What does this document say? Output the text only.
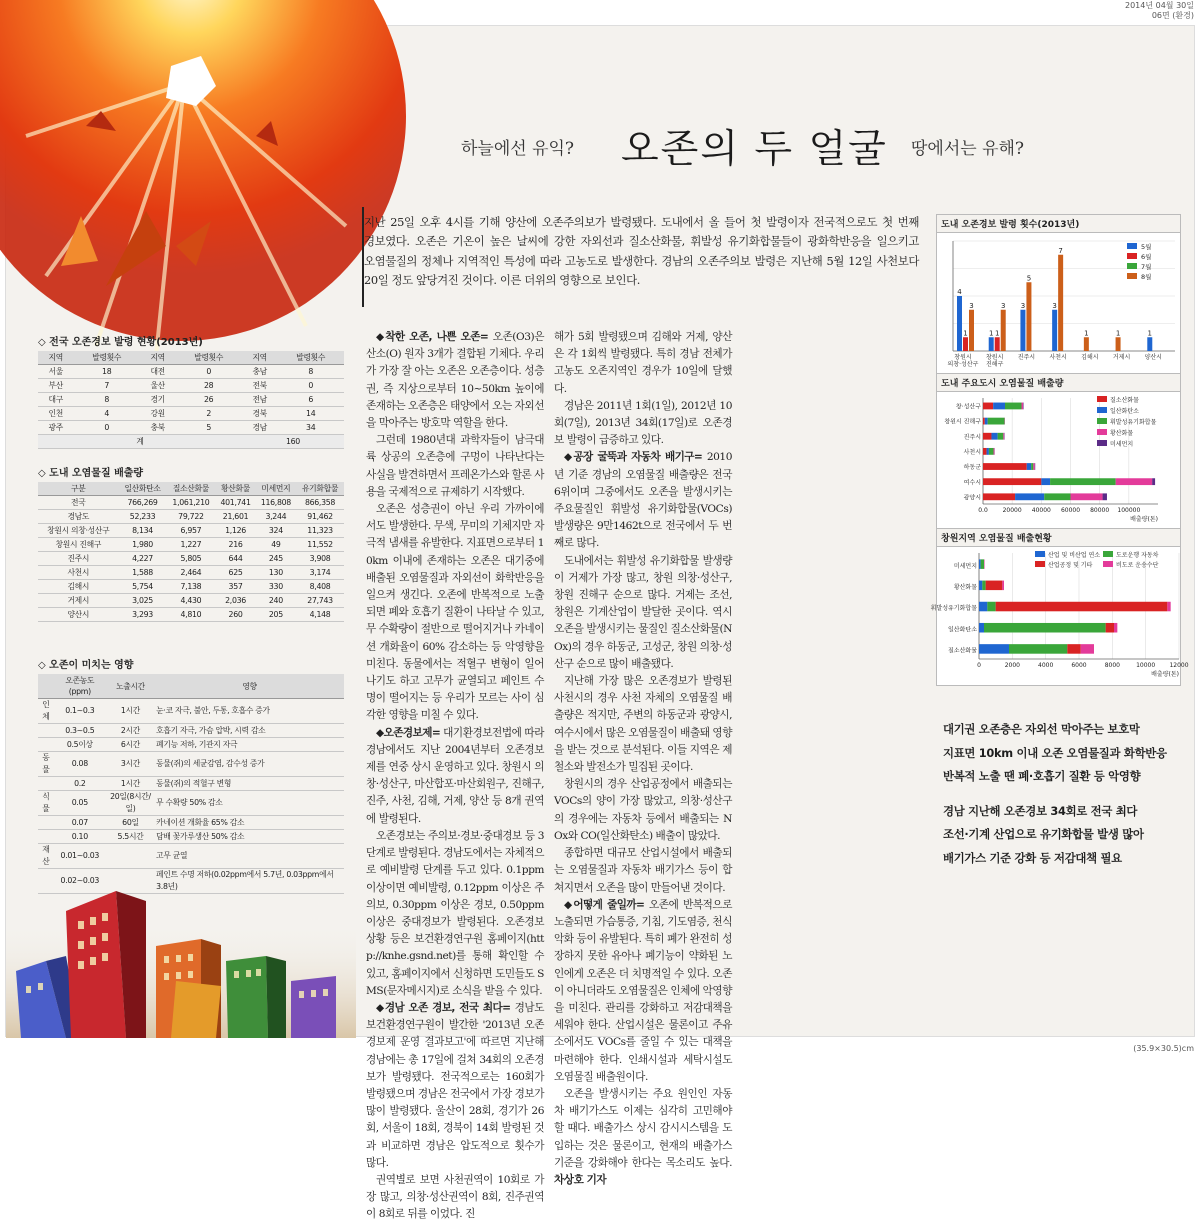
2014년 04월 30일
06면 (환경)
하늘에선 유익? 오존의 두 얼굴 땅에서는 유해?
지난 25일 오후 4시를 기해 양산에 오존주의보가 발령됐다. 도내에서 올 들어 첫 발령이자 전국적으로도 첫 번째 경보였다. 오존은 기온이 높은 날씨에 강한 자외선과 질소산화물, 휘발성 유기화합물들이 광화학반응을 일으키고 오염물질의 정체나 지역적인 특성에 따라 고농도로 발생한다. 경남의 오존주의보 발령은 지난해 5월 12일 사천보다 20일 정도 앞당겨진 것이다. 이른 더위의 영향으로 보인다.
◇ 전국 오존경보 발령 현황(2013년)
지역	발령횟수	지역	발령횟수	지역	발령횟수
서울	18	대전	0	충남	8
부산	7	울산	28	전북	0
대구	8	경기	26	전남	6
인천	4	강원	2	경북	14
광주	0	충북	5	경남	34
계				160	
◇ 도내 오염물질 배출량
구분	일산화탄소	질소산화물	황산화물	미세먼지	유기화합물
전국	766,269	1,061,210	401,741	116,808	866,358
경남도	52,233	79,722	21,601	3,244	91,462
창원시 의창·성산구	8,134	6,957	1,126	324	11,323
창원시 진해구	1,980	1,227	216	49	11,552
진주시	4,227	5,805	644	245	3,908
사천시	1,588	2,464	625	130	3,174
김해시	5,754	7,138	357	330	8,408
거제시	3,025	4,430	2,036	240	27,743
양산시	3,293	4,810	260	205	4,148
◇ 오존이 미치는 영향
	오존농도(ppm)	노출시간	영향
인체	0.1~0.3	1시간	눈·코 자극, 불안, 두통, 호흡수 증가
	0.3~0.5	2시간	호흡기 자극, 가슴 압박, 시력 감소
	0.5이상	6시간	폐기능 저하, 기관지 자극
동물	0.08	3시간	동물(쥐)의 세균감염, 감수성 증가
	0.2	1시간	동물(쥐)의 적혈구 변형
식물	0.05	20일(8시간/일)	무 수확량 50% 감소
	0.07	60일	카네이션 개화율 65% 감소
	0.10	5.5시간	담배 꽃가루생산 50% 감소
재산	0.01~0.03		고무 균열
	0.02~0.03		페인트 수명 저하(0.02ppm에서 5.7년, 0.03ppm에서 3.8년)

◆착한 오존, 나쁜 오존= 오존(O3)은 산소(O) 원자 3개가 결합된 기체다. 우리가 가장 잘 아는 오존은 오존층이다. 성층권, 즉 지상으로부터 10~50km 높이에 존재하는 오존층은 태양에서 오는 자외선을 막아주는 방호막 역할을 한다.

그런데 1980년대 과학자들이 남극대륙 상공의 오존층에 구멍이 나타난다는 사실을 발견하면서 프레온가스와 할론 사용을 국제적으로 규제하기 시작했다.

오존은 성층권이 아닌 우리 가까이에서도 발생한다. 무색, 무미의 기체지만 자극적 냄새를 유발한다. 지표면으로부터 10km 이내에 존재하는 오존은 대기중에 배출된 오염물질과 자외선이 화학반응을 일으켜 생긴다. 오존에 반복적으로 노출되면 폐와 호흡기 질환이 나타날 수 있고, 무 수확량이 절반으로 떨어지거나 카네이션 개화율이 60% 감소하는 등 악영향을 미친다. 동물에서는 적혈구 변형이 일어나기도 하고 고무가 균열되고 페인트 수명이 떨어지는 등 우리가 모르는 사이 심각한 영향을 미칠 수 있다.

◆오존경보제= 대기환경보전법에 따라 경남에서도 지난 2004년부터 오존경보제를 연중 상시 운영하고 있다. 창원시 의창·성산구, 마산합포·마산회원구, 진해구, 진주, 사천, 김해, 거제, 양산 등 8개 권역에 발령된다.

오존경보는 주의보·경보·중대경보 등 3단계로 발령된다. 경남도에서는 자체적으로 예비발령 단계를 두고 있다. 0.1ppm 이상이면 예비발령, 0.12ppm 이상은 주의보, 0.30ppm 이상은 경보, 0.50ppm 이상은 중대경보가 발령된다. 오존경보 상황 등은 보건환경연구원 홈페이지(http://knhe.gsnd.net)를 통해 확인할 수 있고, 홈페이지에서 신청하면 도민들도 SMS(문자메시지)로 소식을 받을 수 있다.

◆경남 오존 경보, 전국 최다= 경남도 보건환경연구원이 발간한 '2013년 오존경보제 운영 결과보고'에 따르면 지난해 경남에는 총 17일에 걸쳐 34회의 오존경보가 발령됐다. 전국적으로는 160회가 발령됐으며 경남은 전국에서 가장 경보가 많이 발령됐다. 울산이 28회, 경기가 26회, 서울이 18회, 경북이 14회 발령된 것과 비교하면 경남은 압도적으로 횟수가 많다.

권역별로 보면 사천권역이 10회로 가장 많고, 의창·성산권역이 8회, 진주권역이 8회로 뒤를 이었다. 진

해가 5회 발령됐으며 김해와 거제, 양산은 각 1회씩 발령됐다. 특히 경남 전체가 고농도 오존지역인 경우가 10일에 달했다.

경남은 2011년 1회(1일), 2012년 10회(7일), 2013년 34회(17일)로 오존경보 발령이 급증하고 있다.

◆공장 굴뚝과 자동차 배기구= 2010년 기준 경남의 오염물질 배출량은 전국 6위이며 그중에서도 오존을 발생시키는 주요물질인 휘발성 유기화합물(VOCs) 발생량은 9만1462t으로 전국에서 두 번째로 많다.

도내에서는 휘발성 유기화합물 발생량이 거제가 가장 많고, 창원 의창·성산구, 창원 진해구 순으로 많다. 거제는 조선, 창원은 기계산업이 발달한 곳이다. 역시 오존을 발생시키는 물질인 질소산화물(NOx)의 경우 하동군, 고성군, 창원 의창·성산구 순으로 많이 배출됐다.

지난해 가장 많은 오존경보가 발령된 사천시의 경우 사천 자체의 오염물질 배출량은 적지만, 주변의 하동군과 광양시, 여수시에서 많은 오염물질이 배출돼 영향을 받는 것으로 분석된다. 이들 지역은 제철소와 발전소가 밀집된 곳이다.

창원시의 경우 산업공정에서 배출되는 VOCs의 양이 가장 많았고, 의창·성산구의 경우에는 자동차 등에서 배출되는 NOx와 CO(일산화탄소) 배출이 많았다.

종합하면 대규모 산업시설에서 배출되는 오염물질과 자동차 배기가스 등이 합쳐지면서 오존을 많이 만들어낸 것이다.

◆어떻게 줄일까= 오존에 반복적으로 노출되면 가슴통증, 기침, 기도염증, 천식 악화 등이 유발된다. 특히 폐가 완전히 성장하지 못한 유아나 폐기능이 약화된 노인에게 오존은 더 치명적일 수 있다. 오존이 아니더라도 오염물질은 인체에 악영향을 미친다. 관리를 강화하고 저감대책을 세워야 한다. 산업시설은 물론이고 주유소에서도 VOCs를 줄일 수 있는 대책을 마련해야 한다. 인쇄시설과 세탁시설도 오염물질 배출원이다.

오존을 발생시키는 주요 원인인 자동차 배기가스도 이제는 심각히 고민해야 할 때다. 배출가스 상시 감시시스템을 도입하는 것은 물론이고, 현재의 배출가스 기준을 강화해야 한다는 목소리도 높다. 차상호 기자

도내 오존경보 발령 횟수(2013년)
4
1
3
창원시
의창·성산구
1 1
3
창원시
진해구
3
5
진주시
3
7
사천시
1
김해시
1
거제시
1
양산시
5월
6월
7월
8월
도내 주요도시 오염물질 배출량
0.0 20000 40000 60000 80000 100000
배출량(톤)
창·성산구
창원시 진해구
진주시
사천시
하동군
여수시
광양시
질소산화물
일산화탄소
휘발성유기화합물
황산화물
미세먼지
창원지역 오염물질 배출현황
0	2000	4000	6000	8000	10000 12000
배출량(톤)
미세먼지
황산화물
휘발성유기화합물
일산화탄소
질소산화물
산업 및 비산업 연소	도로운행 자동차
산업공정 및 기타	비도로 운송수단
대기권 오존층은 자외선 막아주는 보호막
지표면 10km 이내 오존 오염물질과 화학반응
반복적 노출 땐 폐·호흡기 질환 등 악영향
경남 지난해 오존경보 34회로 전국 최다
조선·기계 산업으로 유기화합물 발생 많아
배기가스 기준 강화 등 저감대책 필요
(35.9×30.5)cm
